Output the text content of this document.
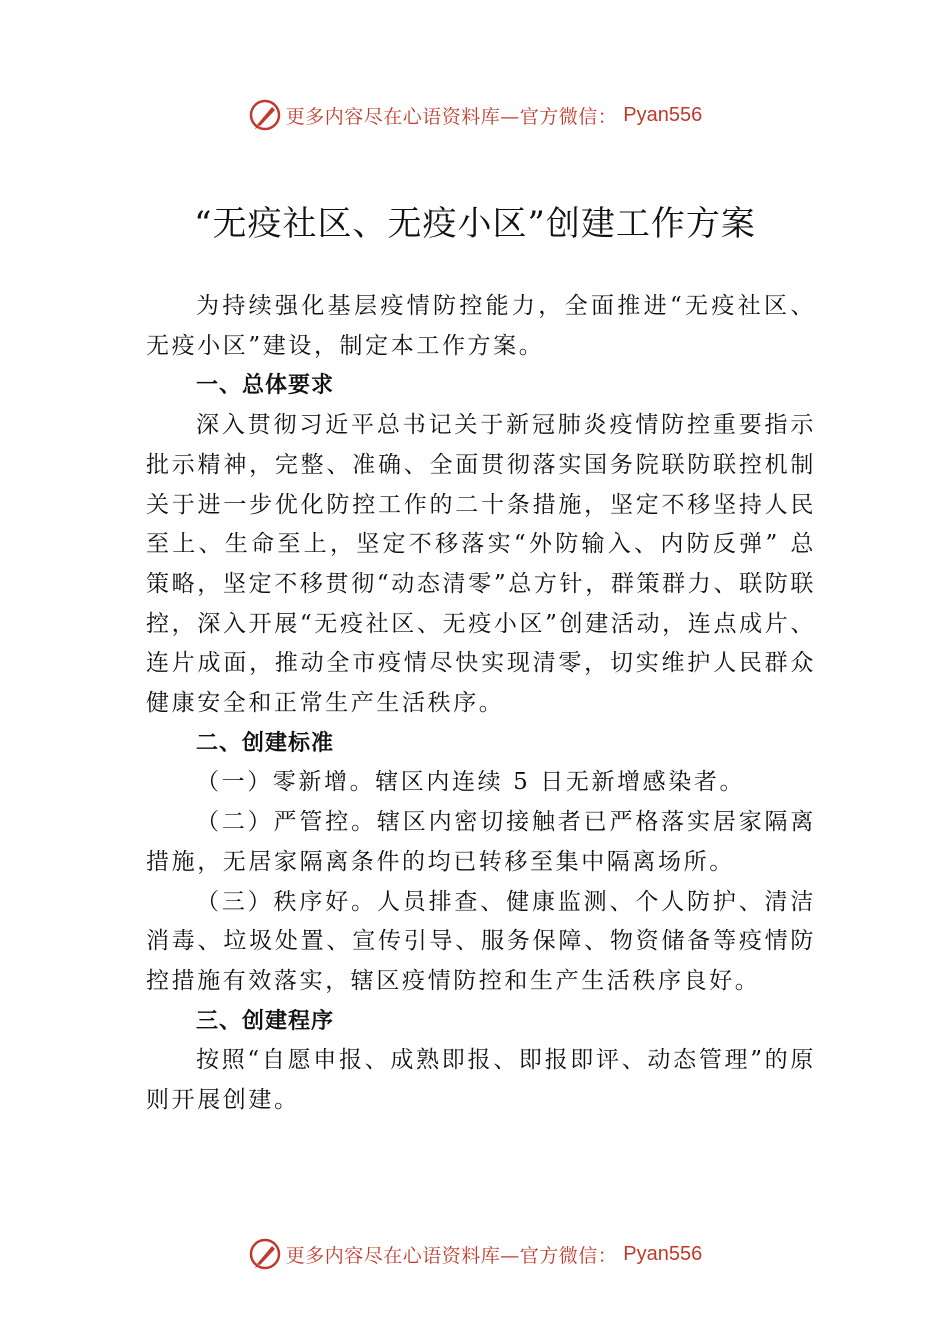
更多内容尽在心语资料库—官方微信： Pyan556
“无疫社区、无疫小区”创建工作方案

为持续强化基层疫情防控能力，全面推进“无疫社区、无疫小区”建设，制定本工作方案。

一、总体要求

深入贯彻习近平总书记关于新冠肺炎疫情防控重要指示批示精神，完整、准确、全面贯彻落实国务院联防联控机制关于进一步优化防控工作的二十条措施，坚定不移坚持人民至上、生命至上，坚定不移落实“外防输入、内防反弹” 总策略，坚定不移贯彻“动态清零”总方针，群策群力、联防联控，深入开展“无疫社区、无疫小区”创建活动，连点成片、连片成面，推动全市疫情尽快实现清零，切实维护人民群众健康安全和正常生产生活秩序。

二、创建标准

（一）零新增。辖区内连续 5 日无新增感染者。

（二）严管控。辖区内密切接触者已严格落实居家隔离措施，无居家隔离条件的均已转移至集中隔离场所。

（三）秩序好。人员排查、健康监测、个人防护、清洁消毒、垃圾处置、宣传引导、服务保障、物资储备等疫情防控措施有效落实，辖区疫情防控和生产生活秩序良好。

三、创建程序

按照“自愿申报、成熟即报、即报即评、动态管理”的原则开展创建。

更多内容尽在心语资料库—官方微信： Pyan556
